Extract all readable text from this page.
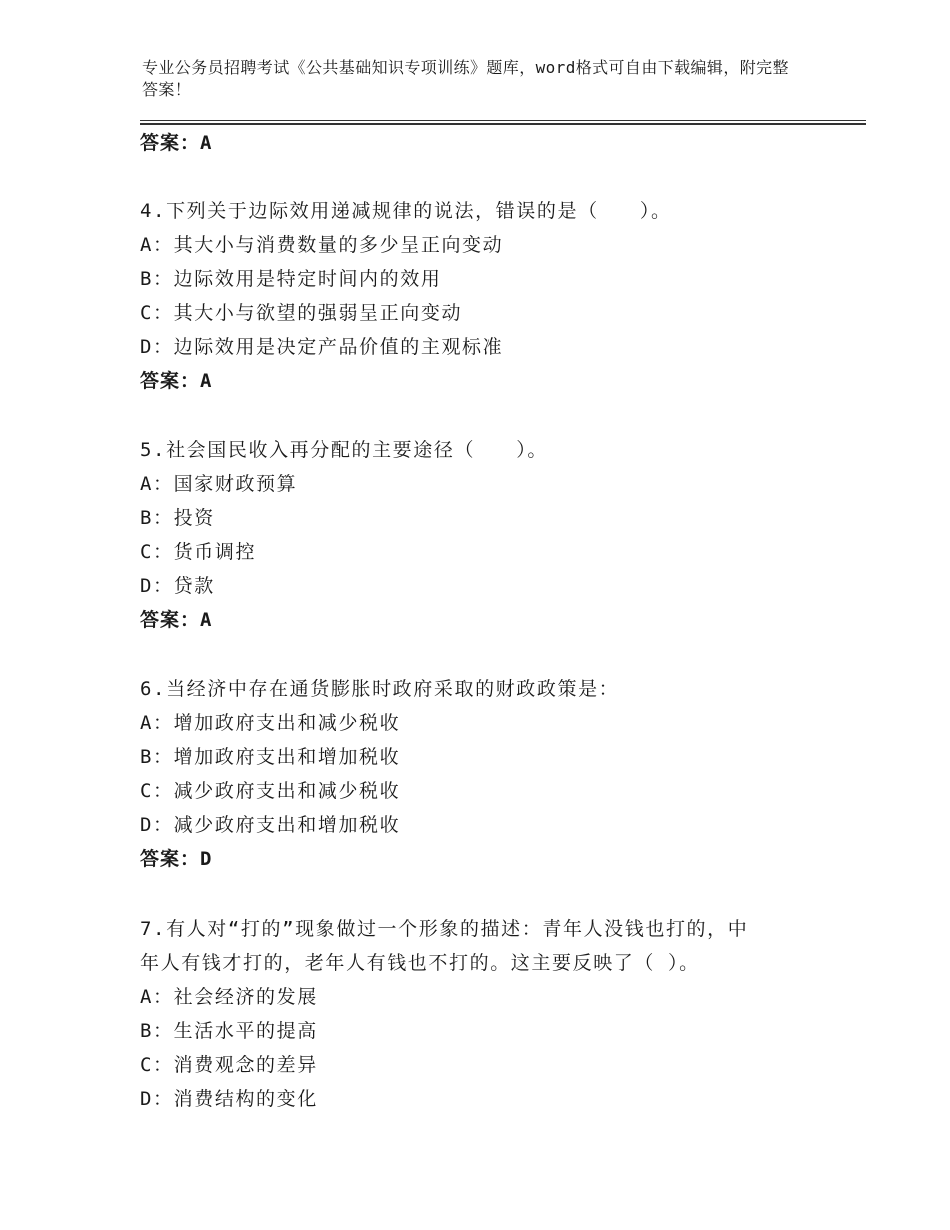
专业公务员招聘考试《公共基础知识专项训练》题库，word格式可自由下载编辑，附完整答案！
答案：A
4.下列关于边际效用递减规律的说法，错误的是（　　）。
A：其大小与消费数量的多少呈正向变动
B：边际效用是特定时间内的效用
C：其大小与欲望的强弱呈正向变动
D：边际效用是决定产品价值的主观标准
答案：A
5.社会国民收入再分配的主要途径（　　）。
A：国家财政预算
B：投资
C：货币调控
D：贷款
答案：A
6.当经济中存在通货膨胀时政府采取的财政政策是：
A：增加政府支出和减少税收
B：增加政府支出和增加税收
C：减少政府支出和减少税收
D：减少政府支出和增加税收
答案：D
7.有人对“打的”现象做过一个形象的描述：青年人没钱也打的，中
年人有钱才打的，老年人有钱也不打的。这主要反映了（ ）。
A：社会经济的发展
B：生活水平的提高
C：消费观念的差异
D：消费结构的变化
